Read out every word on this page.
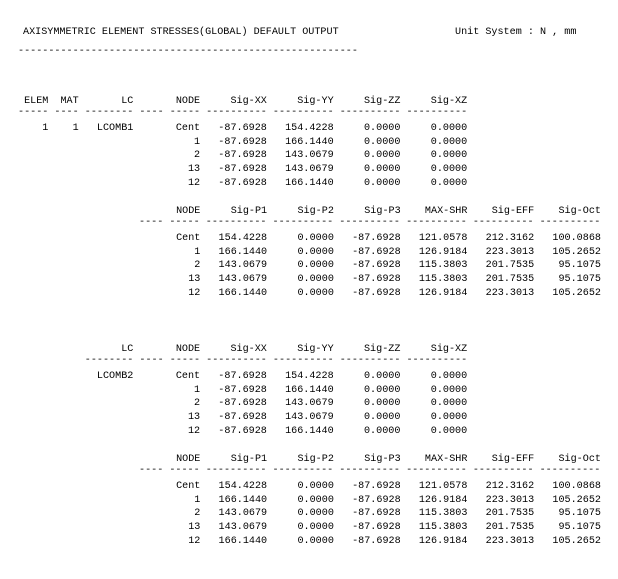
AXISYMMETRIC ELEMENT STRESSES(GLOBAL) DEFAULT OUTPUT	Unit System : N , mm
--------------------------------------------------------
ELEM  MAT       LC       NODE     Sig-XX     Sig-YY     Sig-ZZ     Sig-XZ
----- ---- -------- ---- ----- ---------- ---------- ---------- ----------
1    1   LCOMB1       Cent   -87.6928   154.4228     0.0000     0.0000
1   -87.6928   166.1440     0.0000     0.0000
2   -87.6928   143.0679     0.0000     0.0000
13   -87.6928   143.0679     0.0000     0.0000
12   -87.6928   166.1440     0.0000     0.0000
NODE     Sig-P1     Sig-P2     Sig-P3    MAX-SHR    Sig-EFF    Sig-Oct
---- ----- ---------- ---------- ---------- ---------- ---------- ----------
Cent   154.4228     0.0000   -87.6928   121.0578   212.3162   100.0868
1   166.1440     0.0000   -87.6928   126.9184   223.3013   105.2652
2   143.0679     0.0000   -87.6928   115.3803   201.7535    95.1075
13   143.0679     0.0000   -87.6928   115.3803   201.7535    95.1075
12   166.1440     0.0000   -87.6928   126.9184   223.3013   105.2652
LC       NODE     Sig-XX     Sig-YY     Sig-ZZ     Sig-XZ
-------- ---- ----- ---------- ---------- ---------- ----------
LCOMB2       Cent   -87.6928   154.4228     0.0000     0.0000
1   -87.6928   166.1440     0.0000     0.0000
2   -87.6928   143.0679     0.0000     0.0000
13   -87.6928   143.0679     0.0000     0.0000
12   -87.6928   166.1440     0.0000     0.0000
NODE     Sig-P1     Sig-P2     Sig-P3    MAX-SHR    Sig-EFF    Sig-Oct
---- ----- ---------- ---------- ---------- ---------- ---------- ----------
Cent   154.4228     0.0000   -87.6928   121.0578   212.3162   100.0868
1   166.1440     0.0000   -87.6928   126.9184   223.3013   105.2652
2   143.0679     0.0000   -87.6928   115.3803   201.7535    95.1075
13   143.0679     0.0000   -87.6928   115.3803   201.7535    95.1075
12   166.1440     0.0000   -87.6928   126.9184   223.3013   105.2652
